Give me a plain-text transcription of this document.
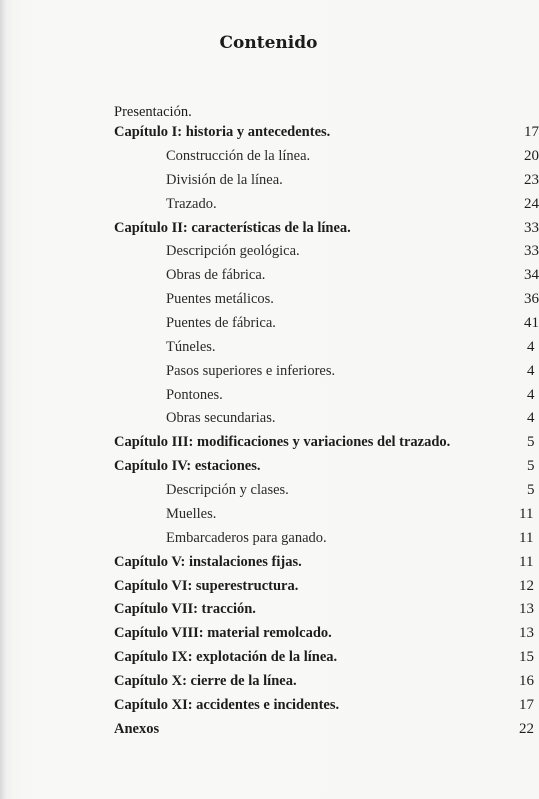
Contenido
Presentación.
Capítulo I: historia y antecedentes.	17
Construcción de la línea.	20
División de la línea.	23
Trazado.	24
Capítulo II: características de la línea.	33
Descripción geológica.	33
Obras de fábrica.	34
Puentes metálicos.	36
Puentes de fábrica.	41
Túneles.	4
Pasos superiores e inferiores.	4
Pontones.	4
Obras secundarias.	4
Capítulo III: modificaciones y variaciones del trazado.	5
Capítulo IV: estaciones.	5
Descripción y clases.	5
Muelles.	11
Embarcaderos para ganado.	11
Capítulo V: instalaciones fijas.	11
Capítulo VI: superestructura.	12
Capítulo VII: tracción.	13
Capítulo VIII: material remolcado.	13
Capítulo IX: explotación de la línea.	15
Capítulo X: cierre de la línea.	16
Capítulo XI: accidentes e incidentes.	17
Anexos	22
